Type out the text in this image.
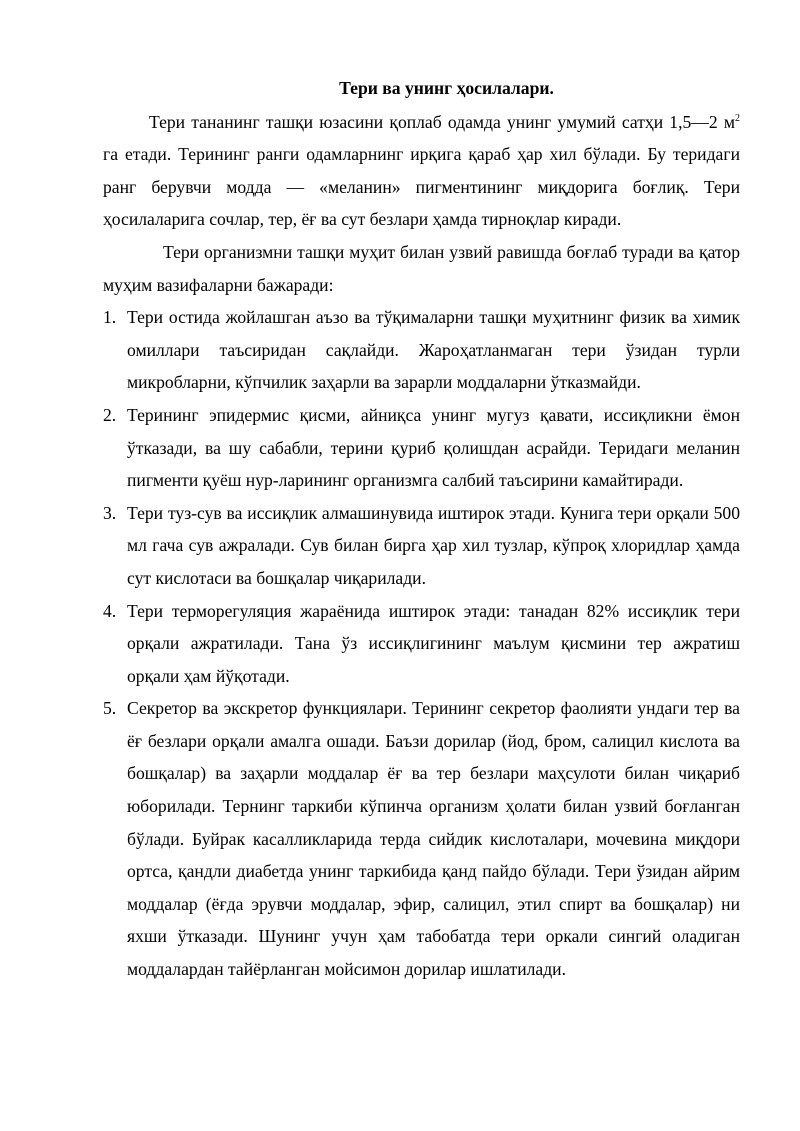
Тери ва унинг ҳосилалари.

Тери тананинг ташқи юзасини қоплаб одамда унинг умумий сатҳи 1,5—2 $м^2$ га етади. Терининг ранги одамларнинг ирқига қараб ҳар хил бўлади. Бу теридаги ранг берувчи модда — «меланин» пигментининг миқдорига боғлиқ. Тери ҳосилаларига сочлар, тер, ёғ ва сут безлари ҳамда тирноқлар киради.

Тери организмни ташқи муҳит билан узвий равишда боғлаб туради ва қатор муҳим вазифаларни бажаради:

1. Тери остида жойлашган аъзо ва тўқималарни ташқи муҳитнинг физик ва химик омиллари таъсиридан сақлайди. Жароҳатланмаган тери ўзидан турли микробларни, кўпчилик заҳарли ва зарарли моддаларни ўтказмайди.
2. Терининг эпидермис қисми, айниқса унинг мугуз қавати, иссиқликни ёмон ўтказади, ва шу сабабли, терини қуриб қолишдан асрайди. Теридаги меланин пигменти қуёш нур-ларининг организмга салбий таъсирини камайтиради.
3. Тери туз-сув ва иссиқлик алмашинувида иштирок этади. Кунига тери орқали 500 мл гача сув ажралади. Сув билан бирга ҳар хил тузлар, кўпроқ хлоридлар ҳамда сут кислотаси ва бошқалар чиқарилади.
4. Тери терморегуляция жараёнида иштирок этади: танадан 82% иссиқлик тери орқали ажратилади. Тана ўз иссиқлигининг маълум қисмини тер ажратиш орқали ҳам йўқотади.
5. Секретор ва экскретор функциялари. Терининг секретор фаолияти ундаги тер ва ёғ безлари орқали амалга ошади. Баъзи дорилар (йод, бром, салицил кислота ва бошқалар) ва заҳарли моддалар ёғ ва тер безлари маҳсулоти билан чиқариб юборилади. Тернинг таркиби кўпинча организм ҳолати билан узвий боғланган бўлади. Буйрак касалликларида терда сийдик кислоталари, мочевина миқдори ортса, қандли диабетда унинг таркибида қанд пайдо бўлади. Тери ўзидан айрим моддалар (ёғда эрувчи моддалар, эфир, салицил, этил спирт ва бошқалар) ни яхши ўтказади. Шунинг учун ҳам табобатда тери оркали сингий оладиган моддалардан тайёрланган мойсимон дорилар ишлатилади.
